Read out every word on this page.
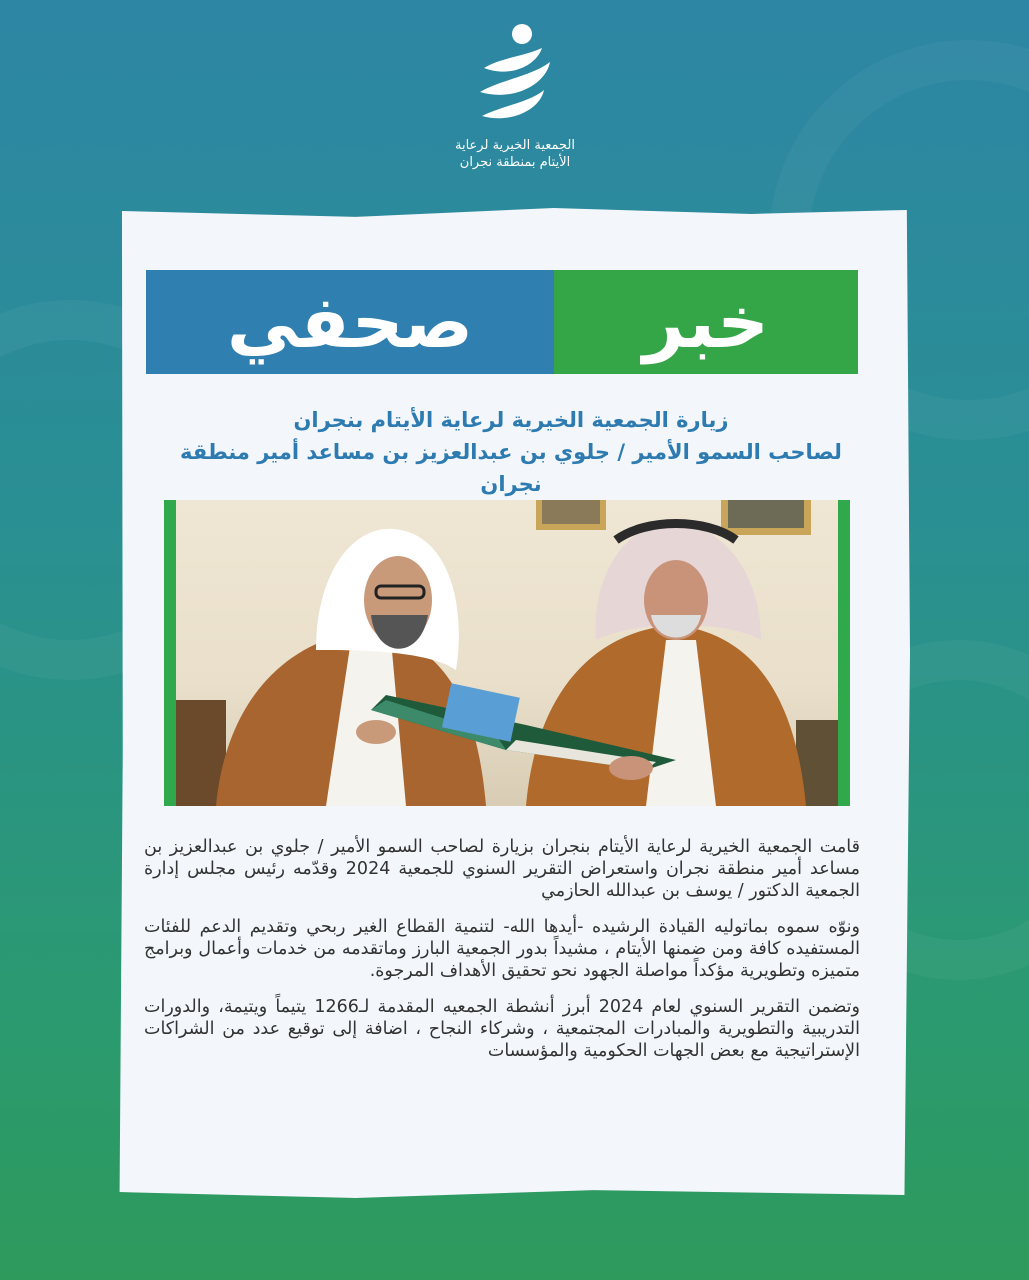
الجمعية الخيرية لرعاية
الأيتام بمنطقة نجران
صحفي خبر
زيارة الجمعية الخيرية لرعاية الأيتام بنجران
لصاحب السمو الأمير / جلوي بن عبدالعزيز بن مساعد أمير منطقة نجران

قامت الجمعية الخيرية لرعاية الأيتام بنجران بزيارة لصاحب السمو الأمير / جلوي بن عبدالعزيز بن مساعد أمير منطقة نجران واستعراض التقرير السنوي للجمعية 2024 وقدّمه رئيس مجلس إدارة الجمعية الدكتور / يوسف بن عبدالله الحازمي

ونوّه سموه بماتوليه القيادة الرشيده -أيدها الله- لتنمية القطاع الغير ربحي وتقديم الدعم للفئات المستفيده كافة ومن ضمنها الأيتام ، مشيداً بدور الجمعية البارز وماتقدمه من خدمات وأعمال وبرامج متميزه وتطويرية مؤكداً مواصلة الجهود نحو تحقيق الأهداف المرجوة.

وتضمن التقرير السنوي لعام 2024 أبرز أنشطة الجمعيه المقدمة لـ1266 يتيماً ويتيمة، والدورات التدريبية والتطويرية والمبادرات المجتمعية ، وشركاء النجاح ، اضافة إلى توقيع عدد من الشراكات الإستراتيجية مع بعض الجهات الحكومية والمؤسسات
